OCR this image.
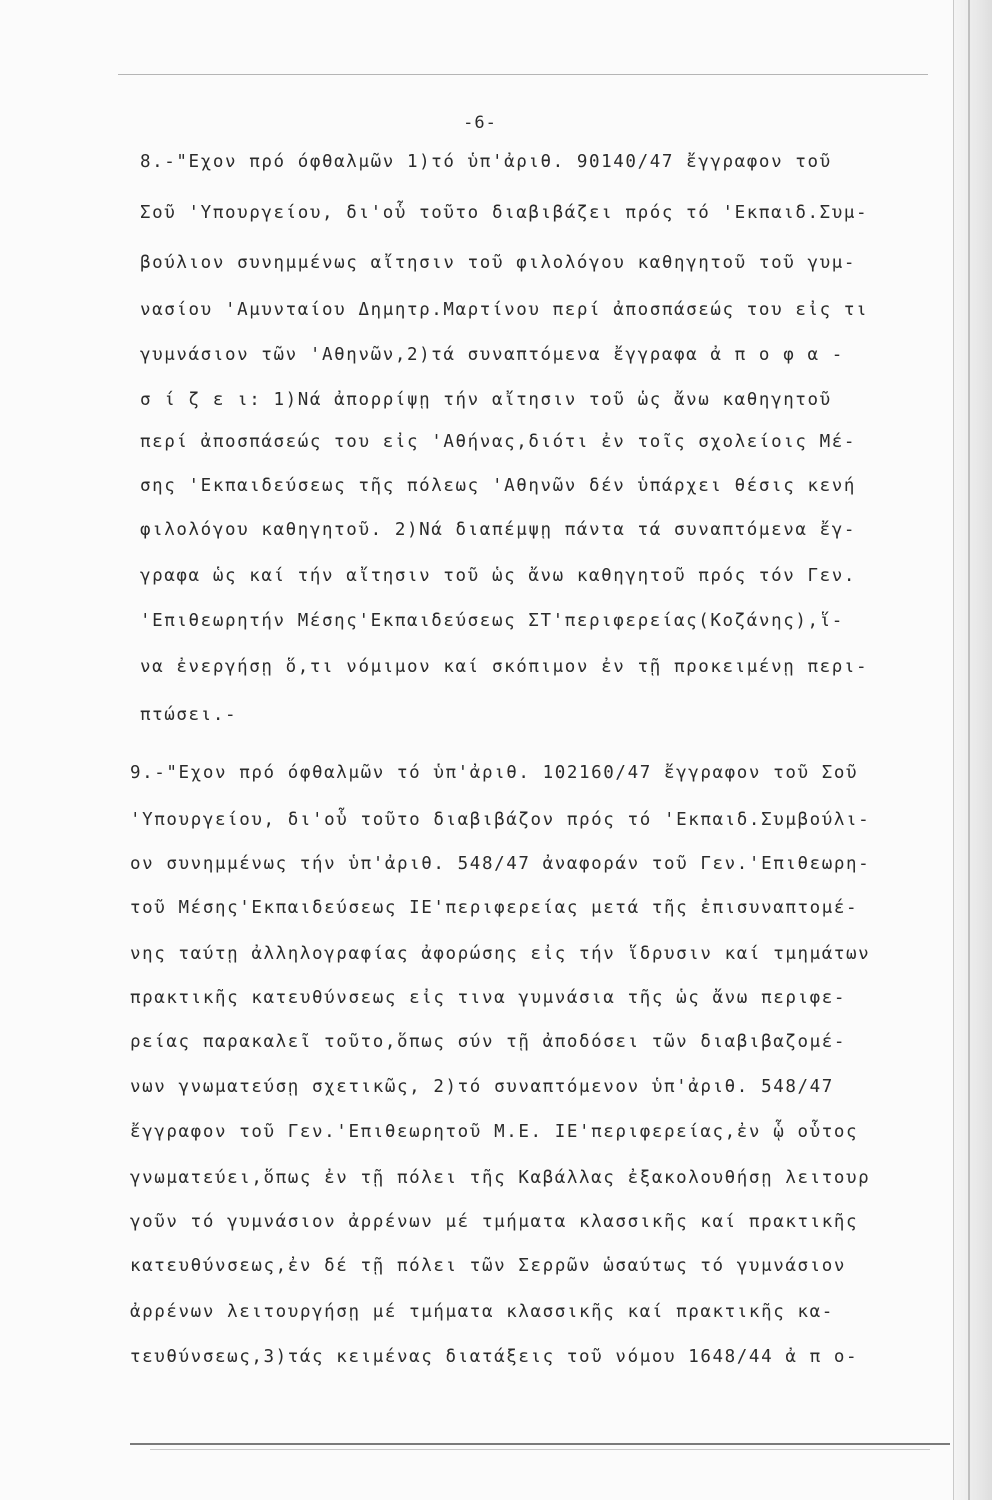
-6-
8.-"Εχον πρό όφθαλμῶν 1)τό ὑπ'ἀριθ. 90140/47 ἔγγραφον τοῦ
Σοῦ 'Υπουργείου, δι'οὗ τοῦτο διαβιβάζει πρός τό 'Εκπαιδ.Συμ-
βούλιον συνημμένως αἴτησιν τοῦ φιλολόγου καθηγητοῦ τοῦ γυμ-
νασίου 'Αμυνταίου Δημητρ.Μαρτίνου περί ἀποσπάσεώς του εἰς τι
γυμνάσιον τῶν 'Αθηνῶν,2)τά συναπτόμενα ἔγγραφα ἀ π ο φ α -
σ ί ζ ε ι: 1)Νά ἀπορρίψῃ τήν αἴτησιν τοῦ ὡς ἄνω καθηγητοῦ
περί ἀποσπάσεώς του εἰς 'Αθήνας,διότι ἐν τοῖς σχολείοις Μέ-
σης 'Εκπαιδεύσεως τῆς πόλεως 'Αθηνῶν δέν ὑπάρχει θέσις κενή
φιλολόγου καθηγητοῦ. 2)Νά διαπέμψῃ πάντα τά συναπτόμενα ἔγ-
γραφα ὡς καί τήν αἴτησιν τοῦ ὡς ἄνω καθηγητοῦ πρός τόν Γεν.
'Επιθεωρητήν Μέσης'Εκπαιδεύσεως ΣΤ'περιφερείας(Κοζάνης),ἵ-
να ἐνεργήσῃ ὅ,τι νόμιμον καί σκόπιμον ἐν τῇ προκειμένῃ περι-
πτώσει.-
9.-"Εχον πρό όφθαλμῶν τό ὑπ'ἀριθ. 102160/47 ἔγγραφον τοῦ Σοῦ
'Υπουργείου, δι'οὗ τοῦτο διαβιβάζον πρός τό 'Εκπαιδ.Συμβούλι-
ον συνημμένως τήν ὑπ'ἀριθ. 548/47 ἀναφοράν τοῦ Γεν.'Επιθεωρη-
τοῦ Μέσης'Εκπαιδεύσεως ΙΕ'περιφερείας μετά τῆς ἐπισυναπτομέ-
νης ταύτῃ ἀλληλογραφίας ἀφορώσης εἰς τήν ἵδρυσιν καί τμημάτων
πρακτικῆς κατευθύνσεως εἰς τινα γυμνάσια τῆς ὡς ἄνω περιφε-
ρείας παρακαλεῖ τοῦτο,ὅπως σύν τῇ ἀποδόσει τῶν διαβιβαζομέ-
νων γνωματεύσῃ σχετικῶς, 2)τό συναπτόμενον ὑπ'ἀριθ. 548/47
ἔγγραφον τοῦ Γεν.'Επιθεωρητοῦ Μ.Ε. ΙΕ'περιφερείας,ἐν ᾧ οὗτος
γνωματεύει,ὅπως ἐν τῇ πόλει τῆς Καβάλλας ἐξακολουθήσῃ λειτουρ
γοῦν τό γυμνάσιον ἀρρένων μέ τμήματα κλασσικῆς καί πρακτικῆς
κατευθύνσεως,ἐν δέ τῇ πόλει τῶν Σερρῶν ὡσαύτως τό γυμνάσιον
ἀρρένων λειτουργήσῃ μέ τμήματα κλασσικῆς καί πρακτικῆς κα-
τευθύνσεως,3)τάς κειμένας διατάξεις τοῦ νόμου 1648/44 ἀ π ο-
